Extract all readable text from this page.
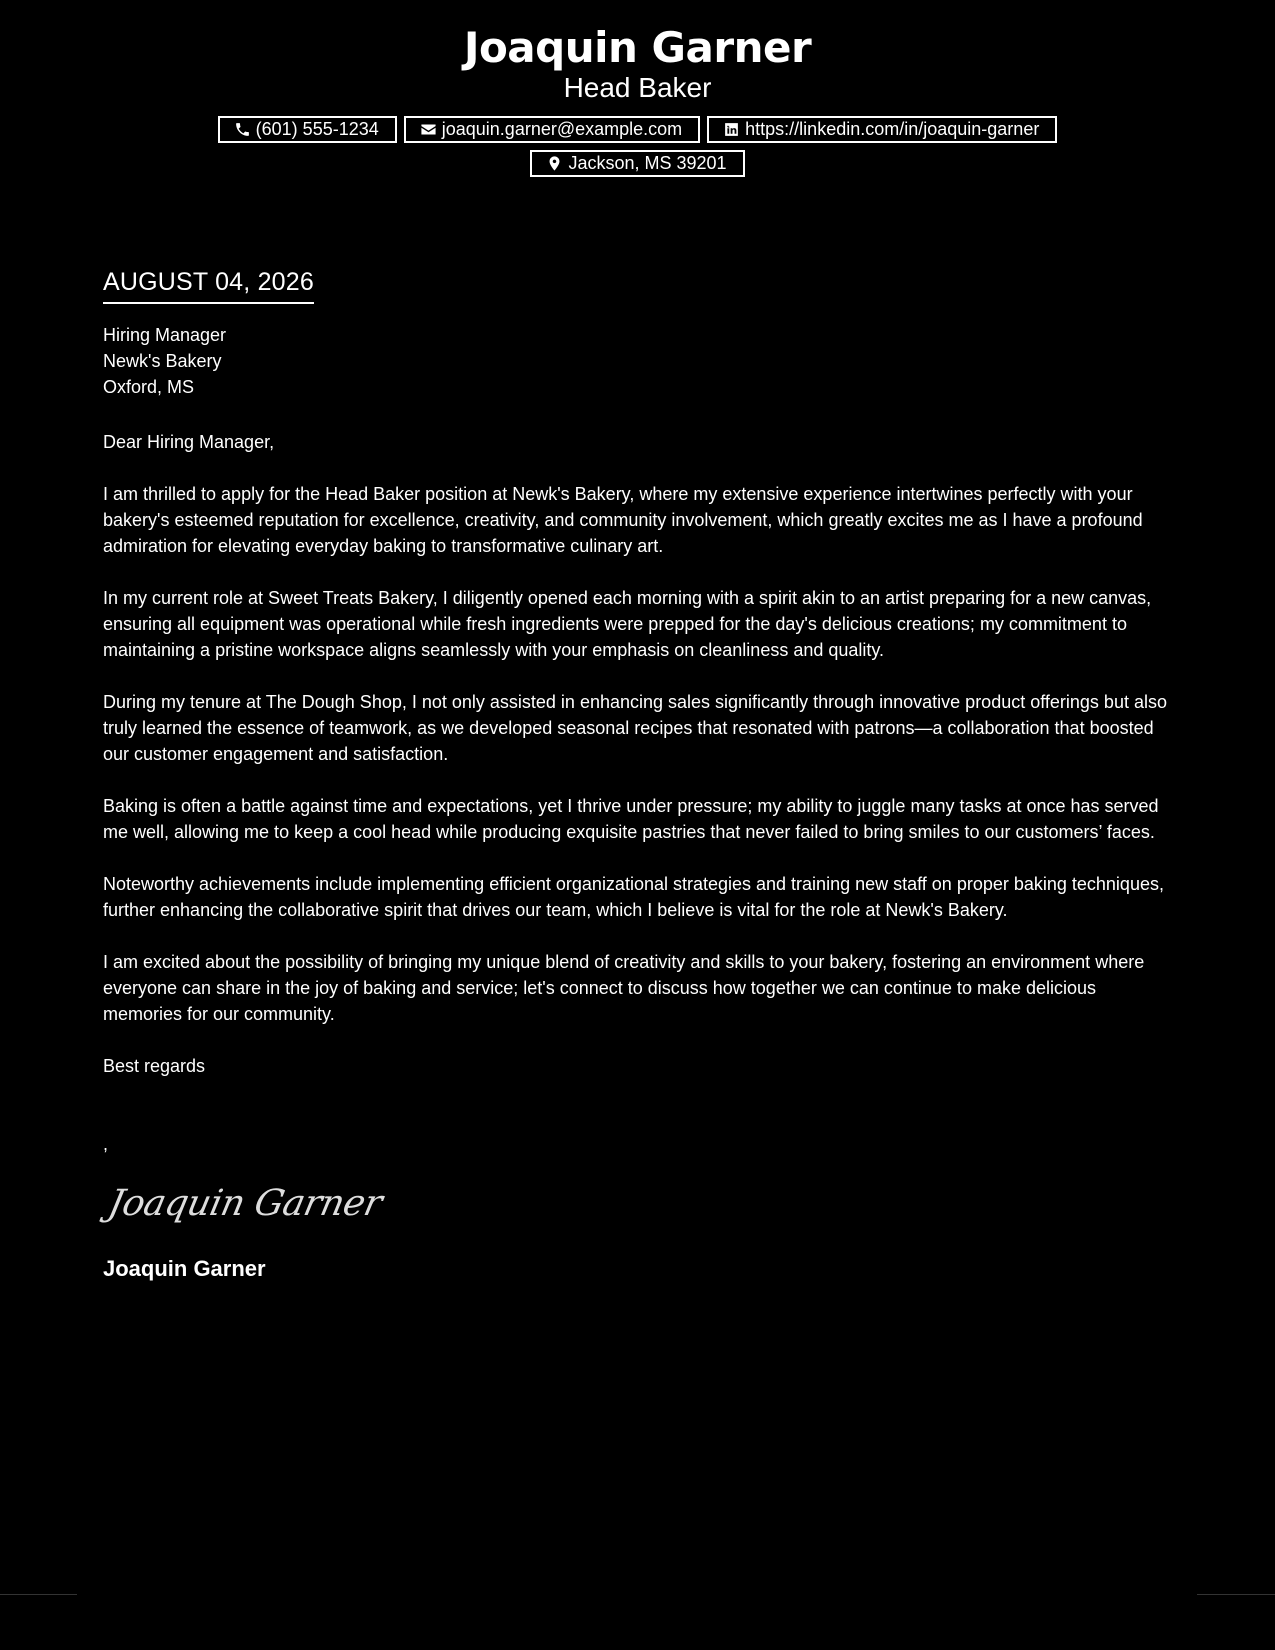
Joaquin Garner
Head Baker
(601) 555-1234	joaquin.garner@example.com	https://linkedin.com/in/joaquin-garner
Jackson, MS 39201
AUGUST 04, 2026
Hiring Manager
Newk's Bakery
Oxford, MS
Dear Hiring Manager,
I am thrilled to apply for the Head Baker position at Newk's Bakery, where my extensive experience intertwines perfectly with your bakery's esteemed reputation for excellence, creativity, and community involvement, which greatly excites me as I have a profound admiration for elevating everyday baking to transformative culinary art.
In my current role at Sweet Treats Bakery, I diligently opened each morning with a spirit akin to an artist preparing for a new canvas, ensuring all equipment was operational while fresh ingredients were prepped for the day's delicious creations; my commitment to maintaining a pristine workspace aligns seamlessly with your emphasis on cleanliness and quality.
During my tenure at The Dough Shop, I not only assisted in enhancing sales significantly through innovative product offerings but also truly learned the essence of teamwork, as we developed seasonal recipes that resonated with patrons—a collaboration that boosted our customer engagement and satisfaction.
Baking is often a battle against time and expectations, yet I thrive under pressure; my ability to juggle many tasks at once has served me well, allowing me to keep a cool head while producing exquisite pastries that never failed to bring smiles to our customers’ faces.
Noteworthy achievements include implementing efficient organizational strategies and training new staff on proper baking techniques, further enhancing the collaborative spirit that drives our team, which I believe is vital for the role at Newk's Bakery.
I am excited about the possibility of bringing my unique blend of creativity and skills to your bakery, fostering an environment where everyone can share in the joy of baking and service; let's connect to discuss how together we can continue to make delicious memories for our community.
Best regards
,
Joaquin Garner
Joaquin Garner
